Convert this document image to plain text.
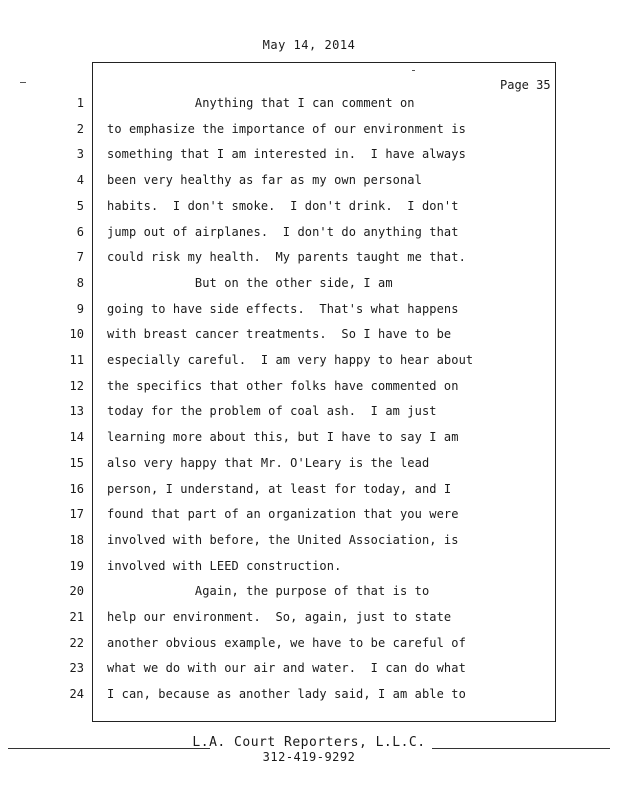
May 14, 2014
Page 35
1 Anything that I can comment on
2 to emphasize the importance of our environment is
3 something that I am interested in.  I have always
4 been very healthy as far as my own personal
5 habits.  I don't smoke.  I don't drink.  I don't
6 jump out of airplanes.  I don't do anything that
7 could risk my health.  My parents taught me that.
8 But on the other side, I am
9 going to have side effects.  That's what happens
10 with breast cancer treatments.  So I have to be
11 especially careful.  I am very happy to hear about
12 the specifics that other folks have commented on
13 today for the problem of coal ash.  I am just
14 learning more about this, but I have to say I am
15 also very happy that Mr. O'Leary is the lead
16 person, I understand, at least for today, and I
17 found that part of an organization that you were
18 involved with before, the United Association, is
19 involved with LEED construction.
20 Again, the purpose of that is to
21 help our environment.  So, again, just to state
22 another obvious example, we have to be careful of
23 what we do with our air and water.  I can do what
24 I can, because as another lady said, I am able to
L.A. Court Reporters, L.L.C.
312-419-9292
